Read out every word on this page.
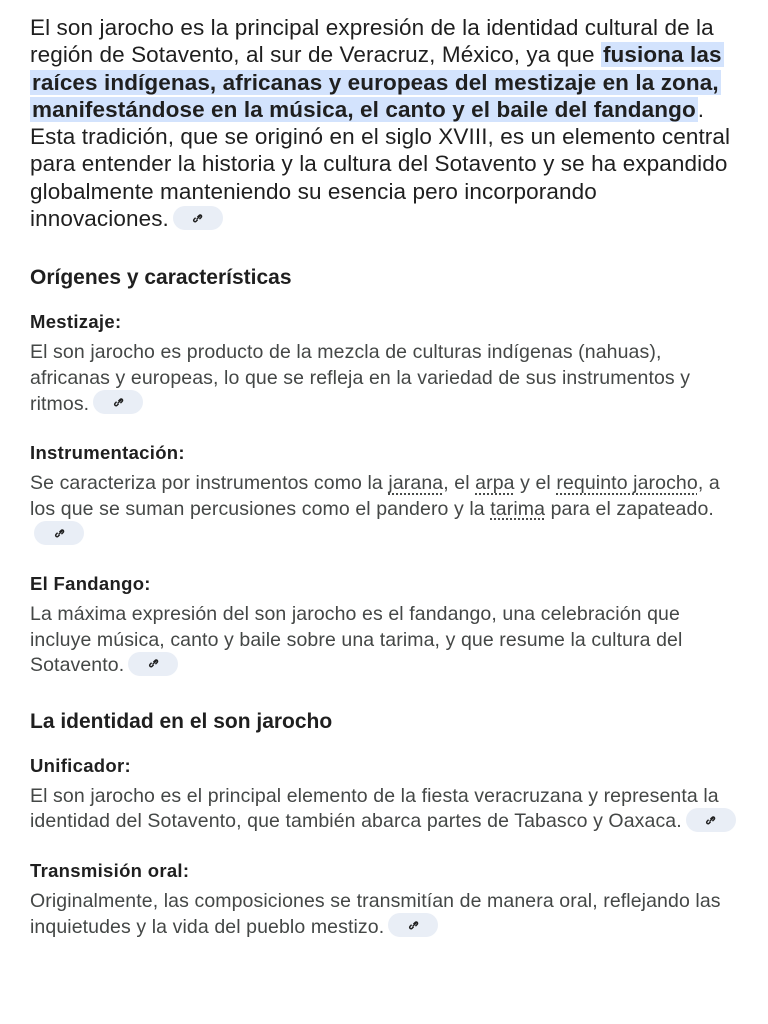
El son jarocho es la principal expresión de la identidad cultural de la región de Sotavento, al sur de Veracruz, México, ya que fusiona las raíces indígenas, africanas y europeas del mestizaje en la zona, manifestándose en la música, el canto y el baile del fandango. Esta tradición, que se originó en el siglo XVIII, es un elemento central para entender la historia y la cultura del Sotavento y se ha expandido globalmente manteniendo su esencia pero incorporando innovaciones.

Orígenes y características
Mestizaje:

El son jarocho es producto de la mezcla de culturas indígenas (nahuas), africanas y europeas, lo que se refleja en la variedad de sus instrumentos y ritmos.

Instrumentación:

Se caracteriza por instrumentos como la jarana, el arpa y el requinto jarocho, a los que se suman percusiones como el pandero y la tarima para el zapateado.

El Fandango:

La máxima expresión del son jarocho es el fandango, una celebración que incluye música, canto y baile sobre una tarima, y que resume la cultura del Sotavento.

La identidad en el son jarocho
Unificador:

El son jarocho es el principal elemento de la fiesta veracruzana y representa la identidad del Sotavento, que también abarca partes de Tabasco y Oaxaca.

Transmisión oral:

Originalmente, las composiciones se transmitían de manera oral, reflejando las inquietudes y la vida del pueblo mestizo.
